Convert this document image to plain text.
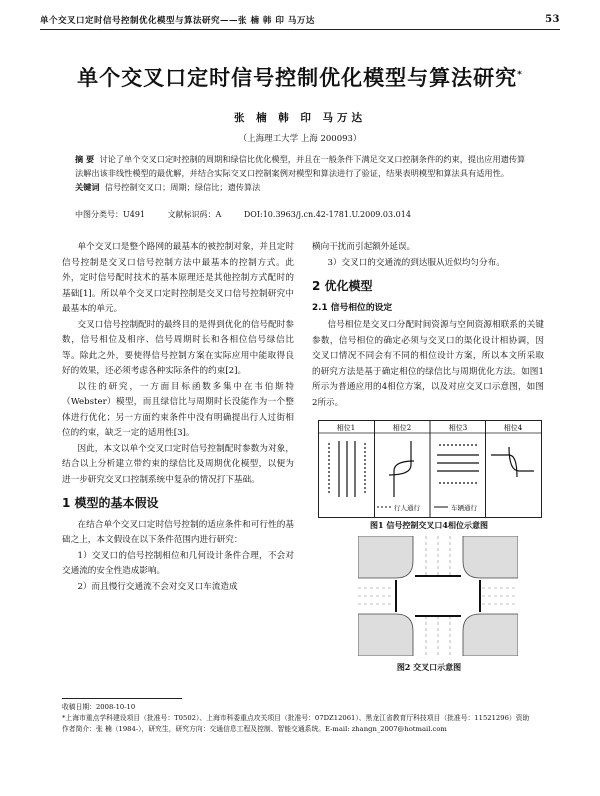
单个交叉口定时信号控制优化模型与算法研究——张 楠 韩 印 马万达	53
单个交叉口定时信号控制优化模型与算法研究*
张 楠 韩 印 马万达
（上海理工大学 上海 200093）
摘 要 讨论了单个交叉口定时控制的周期和绿信比优化模型，并且在一般条件下满足交叉口控制条件的约束，提出应用遗传算法解出该非线性模型的最优解，并结合实际交叉口控制案例对模型和算法进行了验证，结果表明模型和算法具有适用性。
关键词 信号控制交叉口；周期；绿信比；遗传算法
中图分类号：U491	文献标识码：A	DOI:10.3963/j.cn.42-1781.U.2009.03.014

单个交叉口是整个路网的最基本的被控制对象，并且定时信号控制是交叉口信号控制方法中最基本的控制方式。此外，定时信号配时技术的基本原理还是其他控制方式配时的基础[1]。所以单个交叉口定时控制是交叉口信号控制研究中最基本的单元。

交叉口信号控制配时的最终目的是得到优化的信号配时参数，信号相位及相序、信号周期时长和各相位信号绿信比等。除此之外，要使得信号控制方案在实际应用中能取得良好的效果，还必须考虑各种实际条件的约束[2]。

以往的研究，一方面目标函数多集中在韦伯斯特（Webster）模型，而且绿信比与周期时长没能作为一个整体进行优化；另一方面约束条件中没有明确提出行人过街相位的约束，缺乏一定的适用性[3]。

因此，本文以单个交叉口定时信号控制配时参数为对象，结合以上分析建立带约束的绿信比及周期优化模型，以便为进一步研究交叉口控制系统中复杂的情况打下基础。

1 模型的基本假设

在结合单个交叉口定时信号控制的适应条件和可行性的基础之上，本文假设在以下条件范围内进行研究：

1）交叉口的信号控制相位和几何设计条件合理，不会对交通流的安全性造成影响。

2）而且慢行交通流不会对交叉口车流造成

横向干扰而引起额外延误。

3）交叉口的交通流的到达服从近似均匀分布。

2 优化模型
2.1 信号相位的设定

信号相位是交叉口分配时间资源与空间资源相联系的关键参数，信号相位的确定必须与交叉口的渠化设计相协调，因交叉口情况不同会有不同的相位设计方案，所以本文所采取的研究方法是基于确定相位的绿信比与周期优化方法。如图1所示为普通应用的4相位方案，以及对应交叉口示意图，如图2所示。

相位1	相位2	相位3	相位4
行人通行	车辆通行
图1 信号控制交叉口4相位示意图
图2 交叉口示意图
收稿日期：2008-10-10
*上海市重点学科建设项目（批准号：T0502）、上海市科委重点攻关项目（批准号：07DZ12061）、黑龙江省教育厅科技项目（批准号：11521296）资助
作者简介：张 楠（1984-），研究生，研究方向：交通信息工程及控制、智能交通系统。E-mail: zhangn_2007@hotmail.com
